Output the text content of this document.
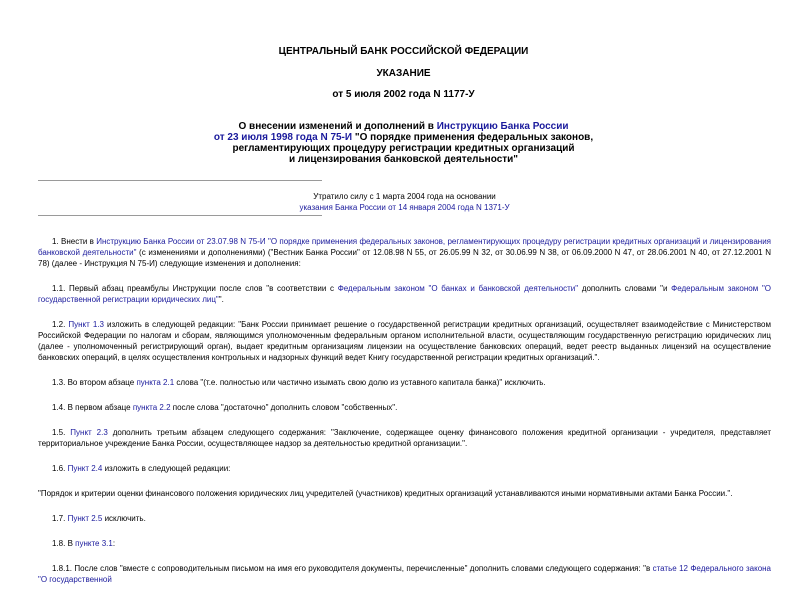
ЦЕНТРАЛЬНЫЙ БАНК РОССИЙСКОЙ ФЕДЕРАЦИИ

УКАЗАНИЕ

от 5 июля 2002 года N 1177-У

О внесении изменений и дополнений в Инструкцию Банка России
от 23 июля 1998 года N 75-И "О порядке применения федеральных законов,
регламентирующих процедуру регистрации кредитных организаций
и лицензирования банковской деятельности"
Утратило силу с 1 марта 2004 года на основании
указания Банка России от 14 января 2004 года N 1371-У

1. Внести в Инструкцию Банка России от 23.07.98 N 75-И "О порядке применения федеральных законов, регламентирующих процедуру регистрации кредитных организаций и лицензирования банковской деятельности" (с изменениями и дополнениями) ("Вестник Банка России" от 12.08.98 N 55, от 26.05.99 N 32, от 30.06.99 N 38, от 06.09.2000 N 47, от 28.06.2001 N 40, от 27.12.2001 N 78) (далее - Инструкция N 75-И) следующие изменения и дополнения:

1.1. Первый абзац преамбулы Инструкции после слов "в соответствии с Федеральным законом "О банках и банковской деятельности" дополнить словами "и Федеральным законом "О государственной регистрации юридических лиц"".

1.2. Пункт 1.3 изложить в следующей редакции: "Банк России принимает решение о государственной регистрации кредитных организаций, осуществляет взаимодействие с Министерством Российской Федерации по налогам и сборам, являющимся уполномоченным федеральным органом исполнительной власти, осуществляющим государственную регистрацию юридических лиц (далее - уполномоченный регистрирующий орган), выдает кредитным организациям лицензии на осуществление банковских операций, ведет реестр выданных лицензий на осуществление банковских операций, в целях осуществления контрольных и надзорных функций ведет Книгу государственной регистрации кредитных организаций.".

1.3. Во втором абзаце пункта 2.1 слова "(т.е. полностью или частично изымать свою долю из уставного капитала банка)" исключить.

1.4. В первом абзаце пункта 2.2 после слова "достаточно" дополнить словом "собственных".

1.5. Пункт 2.3 дополнить третьим абзацем следующего содержания: "Заключение, содержащее оценку финансового положения кредитной организации - учредителя, представляет территориальное учреждение Банка России, осуществляющее надзор за деятельностью кредитной организации.".

1.6. Пункт 2.4 изложить в следующей редакции:

"Порядок и критерии оценки финансового положения юридических лиц учредителей (участников) кредитных организаций устанавливаются иными нормативными актами Банка России.".

1.7. Пункт 2.5 исключить.

1.8. В пункте 3.1:

1.8.1. После слов "вместе с сопроводительным письмом на имя его руководителя документы, перечисленные" дополнить словами следующего содержания: "в статье 12 Федерального закона "О государственной
